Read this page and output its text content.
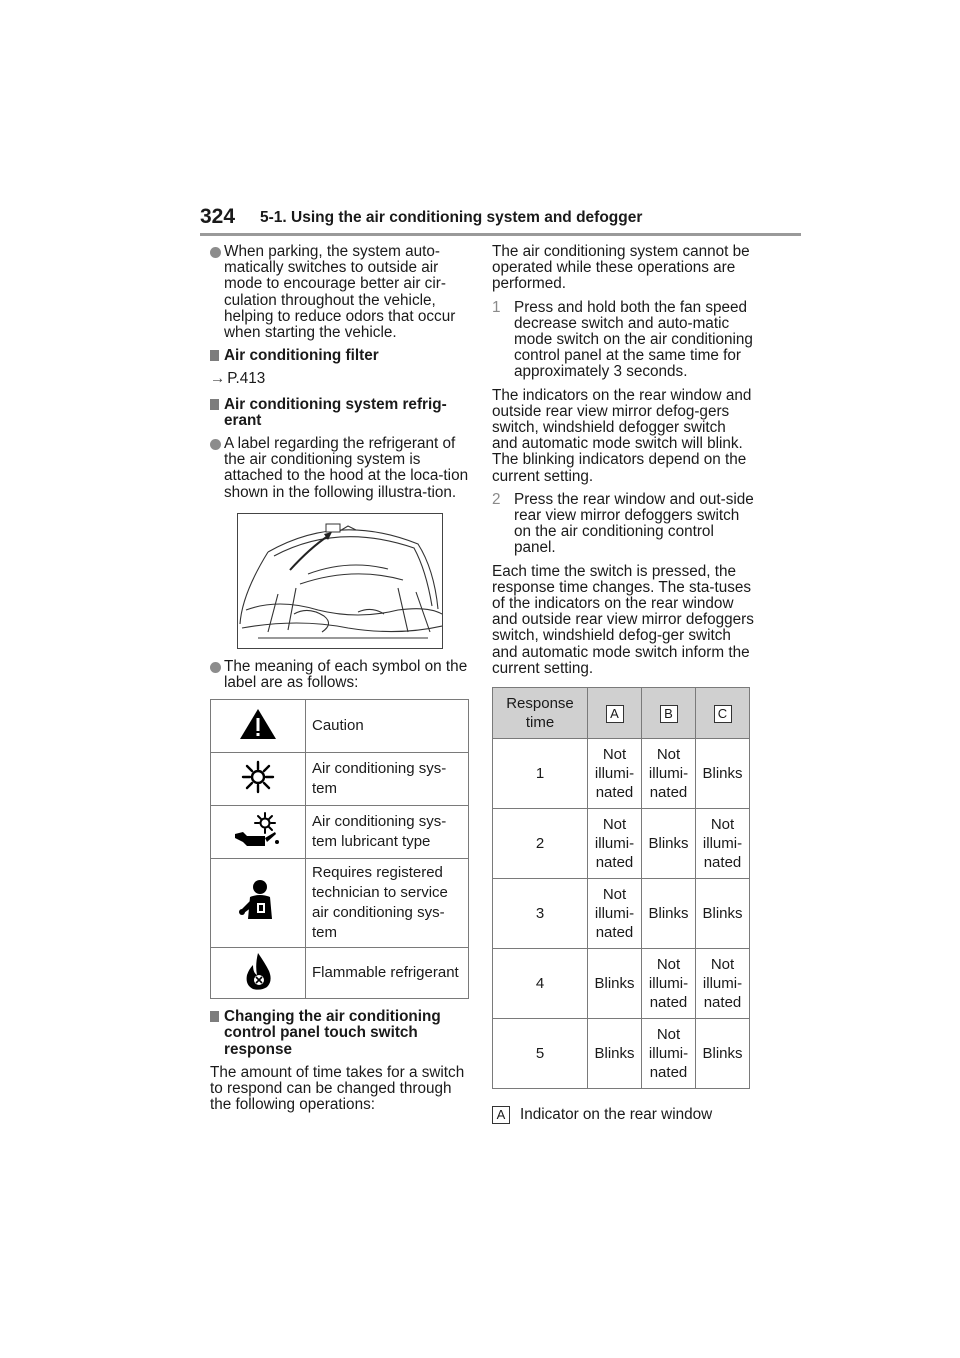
324 5-1. Using the air conditioning system and defogger
When parking, the system auto-matically switches to outside air mode to encourage better air cir-culation throughout the vehicle, helping to reduce odors that occur when starting the vehicle.
Air conditioning filter
→ P.413
Air conditioning system refrig-erant
A label regarding the refrigerant of the air conditioning system is attached to the hood at the loca-tion shown in the following illustra-tion.
The meaning of each symbol on the label are as follows:
	Caution
	Air conditioning sys-tem
	Air conditioning sys-tem lubricant type
	Requires registered technician to service air conditioning sys-tem
	Flammable refrigerant
Changing the air conditioning control panel touch switch response
The amount of time takes for a switch to respond can be changed through the following operations:
The air conditioning system cannot be operated while these operations are performed.
1 Press and hold both the fan speed decrease switch and auto-matic mode switch on the air conditioning control panel at the same time for approximately 3 seconds.
The indicators on the rear window and outside rear view mirror defog-gers switch, windshield defogger switch and automatic mode switch will blink. The blinking indicators depend on the current setting.
2 Press the rear window and out-side rear view mirror defoggers switch on the air conditioning control panel.
Each time the switch is pressed, the response time changes. The sta-tuses of the indicators on the rear window and outside rear view mirror defoggers switch, windshield defog-ger switch and automatic mode switch inform the current setting.
Response time	A	B	C
1	Not illumi-nated	Not illumi-nated	Blinks
2	Not illumi-nated	Blinks	Not illumi-nated
3	Not illumi-nated	Blinks	Blinks
4	Blinks	Not illumi-nated	Not illumi-nated
5	Blinks	Not illumi-nated	Blinks
A Indicator on the rear window
